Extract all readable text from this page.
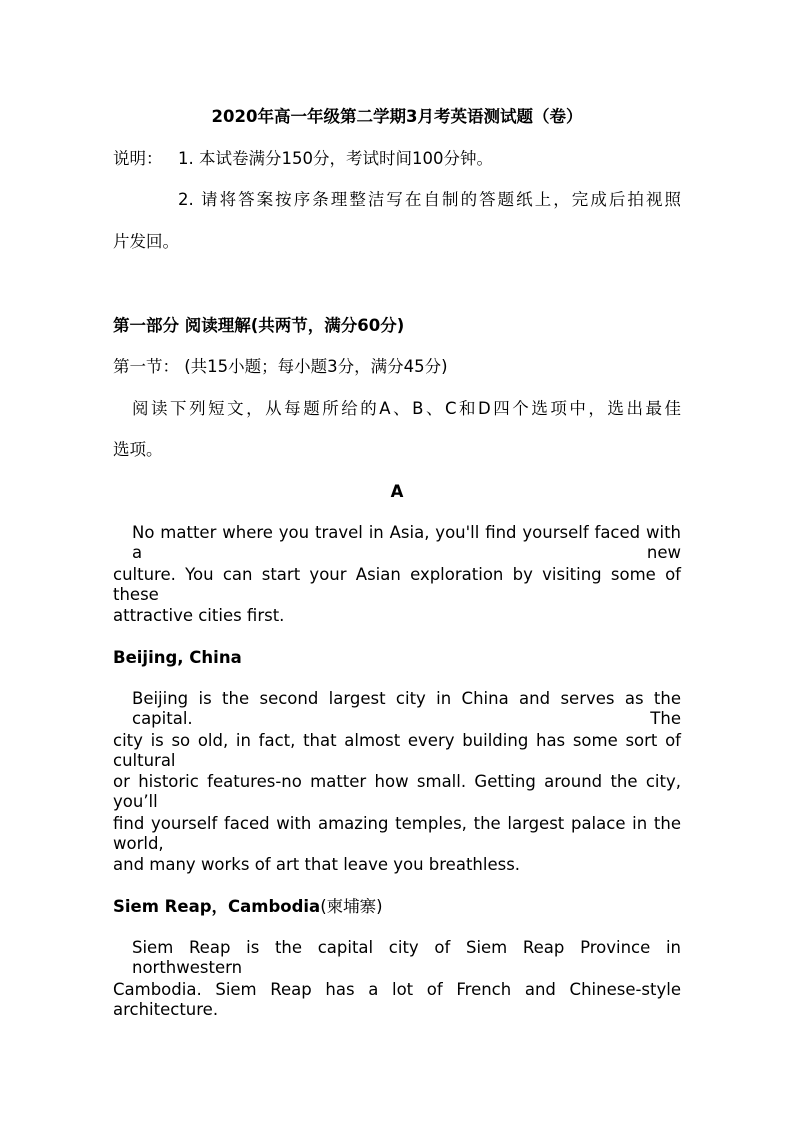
2020年高一年级第二学期3月考英语测试题（卷）
说明： 1. 本试卷满分150分，考试时间100分钟。
2. 请将答案按序条理整洁写在自制的答题纸上，完成后拍视照
片发回。
第一部分 阅读理解(共两节，满分60分)
第一节： (共15小题；每小题3分，满分45分)
阅读下列短文，从每题所给的A、B、C和D四个选项中，选出最佳
选项。
A
No matter where you travel in Asia, you'll find yourself faced with a new
culture. You can start your Asian exploration by visiting some of these
attractive cities first.
Beijing, China
Beijing is the second largest city in China and serves as the capital. The
city is so old, in fact, that almost every building has some sort of cultural
or historic features-no matter how small. Getting around the city, you’ll
find yourself faced with amazing temples, the largest palace in the world,
and many works of art that leave you breathless.
Siem Reap，Cambodia(柬埔寨)
Siem Reap is the capital city of Siem Reap Province in northwestern
Cambodia. Siem Reap has a lot of French and Chinese-style architecture.
